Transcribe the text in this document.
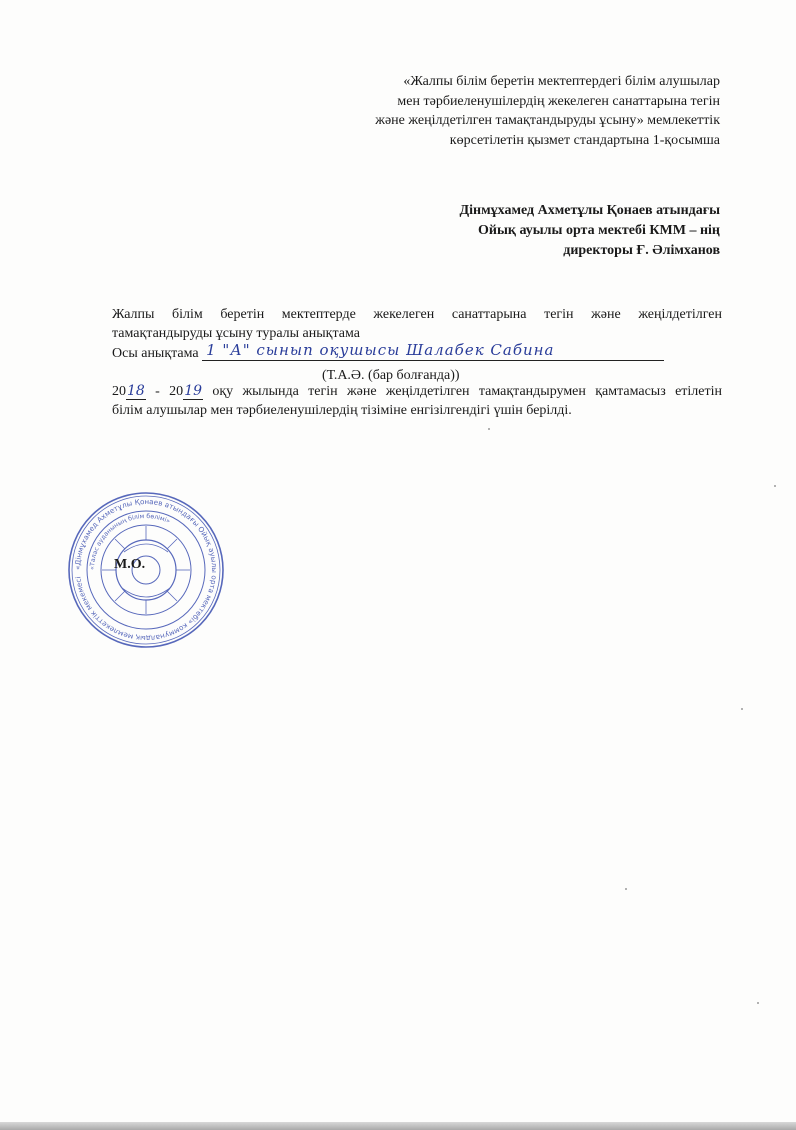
«Жалпы білім беретін мектептердегі білім алушылар
мен тәрбиеленушілердің жекелеген санаттарына тегін
және жеңілдетілген тамақтандыруды ұсыну» мемлекеттік
көрсетілетін қызмет стандартына 1-қосымша
Дінмұхамед Ахметұлы Қонаев атындағы
Ойық ауылы орта мектебі КММ – нің
директоры Ғ. Әлімханов
Жалпы білім беретін мектептерде жекелеген санаттарына тегін және жеңілдетілген
тамақтандыруды ұсыну туралы анықтама
Осы анықтама 1 "А" сынып оқушысы Шалабек Сабина
2018 - 2019 оқу жылында тегін және жеңілдетілген тамақтандырумен қамтамасыз етілетін
білім алушылар мен тәрбиеленушілердің тізіміне енгізілгендігі үшін берілді.
(Т.А.Ә. (бар болғанда))
«Дінмұхамед Ахметұлы Қонаев атындағы Ойық ауылы орта мектебі» коммуналдық мемлекеттік мекемесі
«Талас ауданының білім бөлімі»
М.О.
